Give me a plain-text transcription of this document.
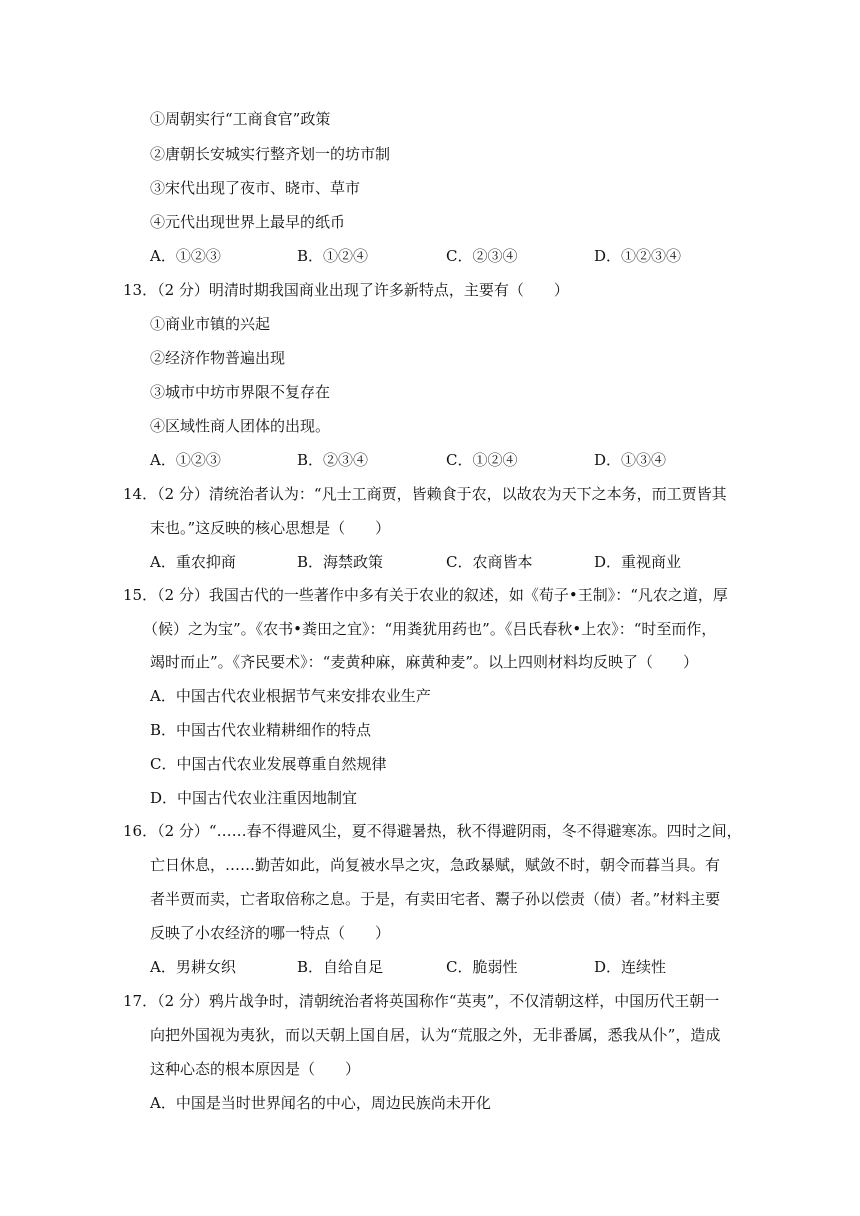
①周朝实行“工商食官”政策
②唐朝长安城实行整齐划一的坊市制
③宋代出现了夜市、晓市、草市
④元代出现世界上最早的纸币
A．①②③	B．①②④	C．②③④	D．①②③④
13．（2 分）明清时期我国商业出现了许多新特点，主要有（　　）
①商业市镇的兴起
②经济作物普遍出现
③城市中坊市界限不复存在
④区域性商人团体的出现。
A．①②③	B．②③④	C．①②④	D．①③④
14．（2 分）清统治者认为：“凡士工商贾，皆赖食于农，以故农为天下之本务，而工贾皆其
末也。”这反映的核心思想是（　　）
A．重农抑商	B．海禁政策	C．农商皆本	D．重视商业
15．（2 分）我国古代的一些著作中多有关于农业的叙述，如《荀子•王制》：“凡农之道，厚
（候）之为宝”。《农书•粪田之宜》：“用粪犹用药也”。《吕氏春秋•上农》：“时至而作，
竭时而止”。《齐民要术》：“麦黄种麻，麻黄种麦”。以上四则材料均反映了（　　）
A．中国古代农业根据节气来安排农业生产
B．中国古代农业精耕细作的特点
C．中国古代农业发展尊重自然规律
D．中国古代农业注重因地制宜
16．（2 分）“……春不得避风尘，夏不得避暑热，秋不得避阴雨，冬不得避寒冻。四时之间，
亡日休息，……勤苦如此，尚复被水旱之灾，急政暴赋，赋敛不时，朝令而暮当具。有
者半贾而卖，亡者取倍称之息。于是，有卖田宅者、鬻子孙以偿责（债）者。”材料主要
反映了小农经济的哪一特点（　　）
A．男耕女织	B．自给自足	C．脆弱性	D．连续性
17．（2 分）鸦片战争时，清朝统治者将英国称作“英夷”，不仅清朝这样，中国历代王朝一
向把外国视为夷狄，而以天朝上国自居，认为“荒服之外，无非番属，悉我从仆”，造成
这种心态的根本原因是（　　）
A．中国是当时世界闻名的中心，周边民族尚未开化
